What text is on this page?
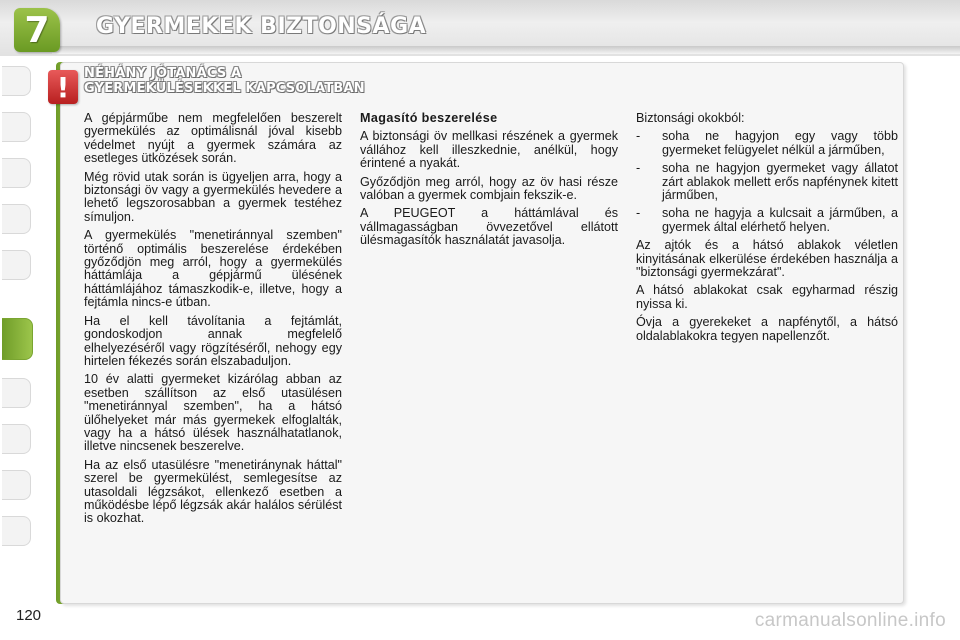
7	GYERMEKEK BIZTONSÁGA
!	NÉHÁNY JÓTANÁCS A
GYERMEKÜLÉSEKKEL KAPCSOLATBAN

A gépjárműbe nem megfelelően beszerelt gyermekülés az optimálisnál jóval kisebb védelmet nyújt a gyermek számára az esetleges ütközések során.

Még rövid utak során is ügyeljen arra, hogy a biztonsági öv vagy a gyermekülés hevedere a lehető legszorosabban a gyermek testéhez símuljon.

A gyermekülés "menetiránnyal szemben" történő optimális beszerelése érdekében győződjön meg arról, hogy a gyermekülés háttámlája a gépjármű ülésének háttámlájához támaszkodik-e, illetve, hogy a fejtámla nincs-e útban.

Ha el kell távolítania a fejtámlát, gondoskodjon annak megfelelő elhelyezéséről vagy rögzítéséről, nehogy egy hirtelen fékezés során elszabaduljon.

10 év alatti gyermeket kizárólag abban az esetben szállítson az első utasülésen "menetiránnyal szemben", ha a hátsó ülőhelyeket már más gyermekek elfoglalták, vagy ha a hátsó ülések használhatatlanok, illetve nincsenek beszerelve.

Ha az első utasülésre "menetiránynak háttal" szerel be gyermekülést, semlegesítse az utasoldali légzsákot, ellenkező esetben a működésbe lépő légzsák akár halálos sérülést is okozhat.

Magasító beszerelése

A biztonsági öv mellkasi részének a gyermek vállához kell illeszkednie, anélkül, hogy érintené a nyakát.

Győződjön meg arról, hogy az öv hasi része valóban a gyermek combjain fekszik-e.

A PEUGEOT a háttámlával és vállmagasságban övvezetővel ellátott ülésmagasítók használatát javasolja.

Biztonsági okokból:

- soha ne hagyjon egy vagy több gyermeket felügyelet nélkül a járműben,
- soha ne hagyjon gyermeket vagy állatot zárt ablakok mellett erős napfénynek kitett járműben,
- soha ne hagyja a kulcsait a járműben, a gyermek által elérhető helyen.

Az ajtók és a hátsó ablakok véletlen kinyitásának elkerülése érdekében használja a "biztonsági gyermekzárat".

A hátsó ablakokat csak egyharmad részig nyissa ki.

Óvja a gyerekeket a napfénytől, a hátsó oldalablakokra tegyen napellenzőt.

120	carmanualsonline.info
